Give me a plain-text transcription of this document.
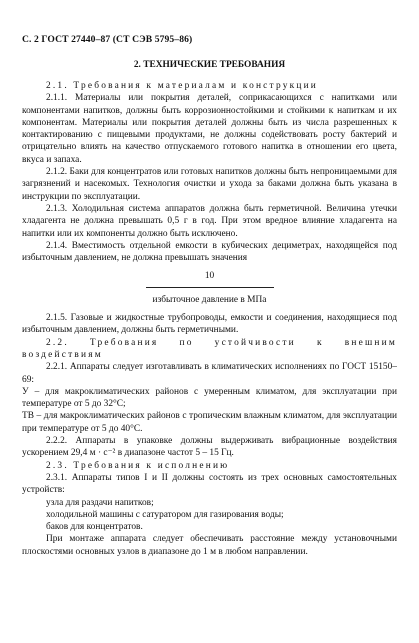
С. 2 ГОСТ 27440–87 (СТ СЭВ 5795–86)
2. ТЕХНИЧЕСКИЕ ТРЕБОВАНИЯ

2.1. Требования к материалам и конструкции

2.1.1. Материалы или покрытия деталей, соприкасающихся с напитками или компонентами напитков, должны быть коррозионностойкими и стойкими к напиткам и их компонентам. Материалы или покрытия деталей должны быть из числа разрешенных к контактированию с пищевыми продуктами, не должны содействовать росту бактерий и отрицательно влиять на качество отпускаемого готового напитка в отношении его цвета, вкуса и запаха.

2.1.2. Баки для концентратов или готовых напитков должны быть непроницаемыми для загрязнений и насекомых. Технология очистки и ухода за баками должна быть указана в инструкции по эксплуатации.

2.1.3. Холодильная система аппаратов должна быть герметичной. Величина утечки хладагента не должна превышать 0,5 г в год. При этом вредное влияние хладагента на напитки или их компоненты должно быть исключено.

2.1.4. Вместимость отдельной емкости в кубических дециметрах, находящейся под избыточным давлением, не должна превышать значения

10
избыточное давление в МПа

2.1.5. Газовые и жидкостные трубопроводы, емкости и соединения, находящиеся под избыточным давлением, должны быть герметичными.

2.2. Требования по устойчивости к внешним воздействиям

2.2.1. Аппараты следует изготавливать в климатических исполнениях по ГОСТ 15150–69:

У – для макроклиматических районов с умеренным климатом, для эксплуатации при температуре от 5 до 32°С;

ТВ – для макроклиматических районов с тропическим влажным климатом, для эксплуатации при температуре от 5 до 40°С.

2.2.2. Аппараты в упаковке должны выдерживать вибрационные воздействия ускорением 29,4 м · с⁻² в диапазоне частот 5 – 15 Гц.

2.3. Требования к исполнению

2.3.1. Аппараты типов I и II должны состоять из трех основных самостоятельных устройств:

узла для раздачи напитков;

холодильной машины с сатуратором для газирования воды;

баков для концентратов.

При монтаже аппарата следует обеспечивать расстояние между установочными плоскостями основных узлов в диапазоне до 1 м в любом направлении.
